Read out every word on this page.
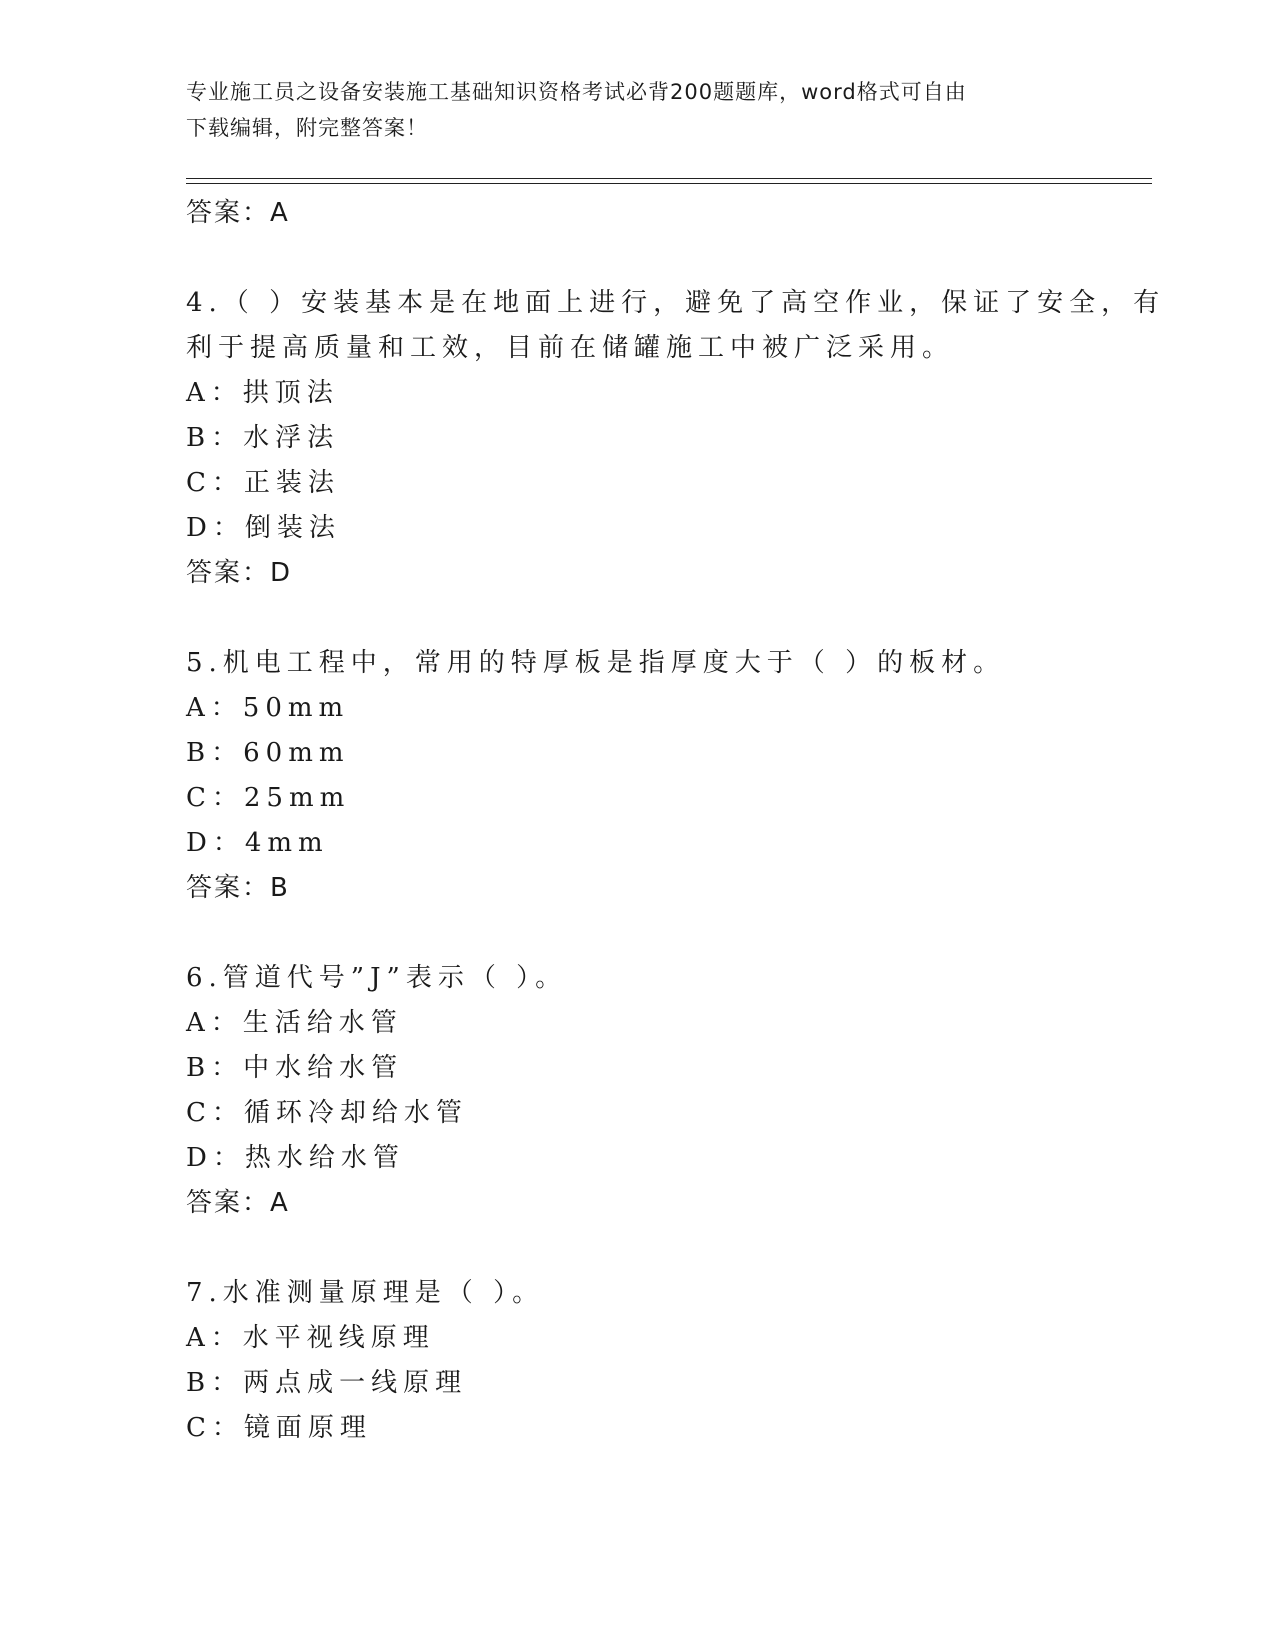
专业施工员之设备安装施工基础知识资格考试必背200题题库，word格式可自由
下载编辑，附完整答案！
答案：A
4.（ ）安装基本是在地面上进行，避免了高空作业，保证了安全，有
利于提高质量和工效，目前在储罐施工中被广泛采用。
A：拱顶法
B：水浮法
C：正装法
D：倒装法
答案：D
5.机电工程中，常用的特厚板是指厚度大于（ ）的板材。
A：50mm
B：60mm
C：25mm
D：4mm
答案：B
6.管道代号”J”表示（ ）。
A：生活给水管
B：中水给水管
C：循环冷却给水管
D：热水给水管
答案：A
7.水准测量原理是（ ）。
A：水平视线原理
B：两点成一线原理
C：镜面原理
